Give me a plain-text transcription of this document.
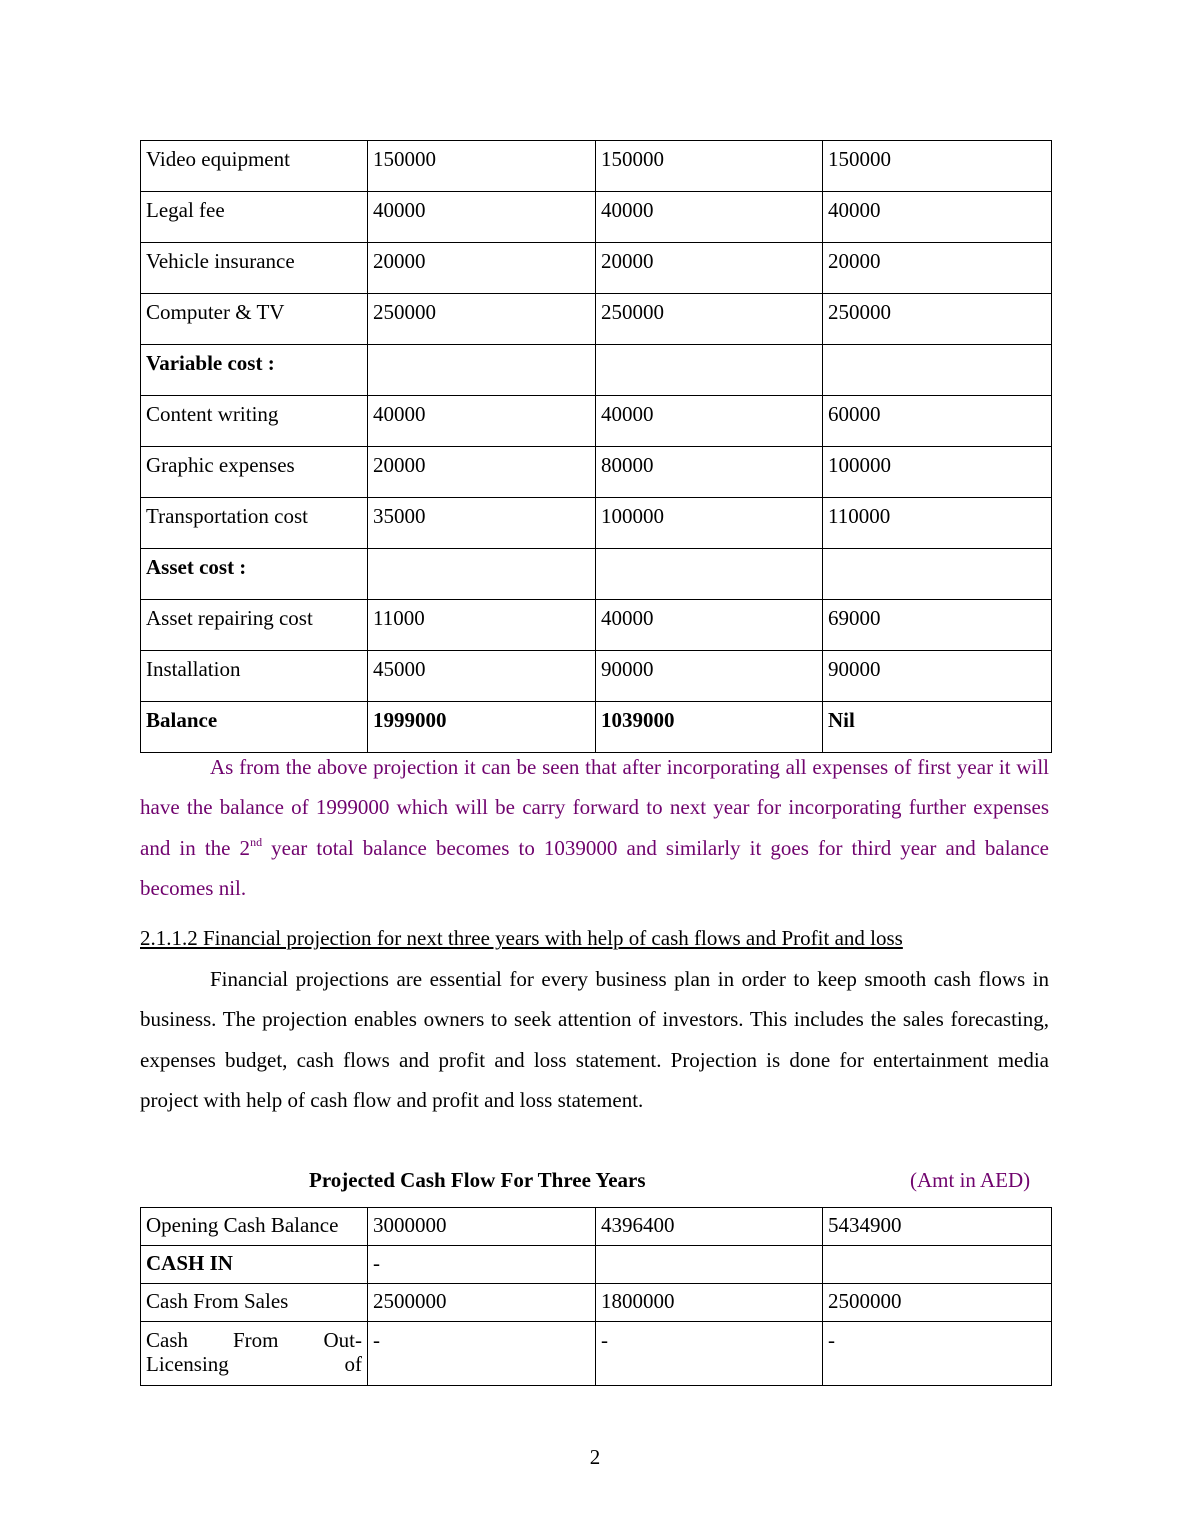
Video equipment	150000	150000	150000
Legal fee	40000	40000	40000
Vehicle insurance	20000	20000	20000
Computer & TV	250000	250000	250000
Variable cost :			
Content writing	40000	40000	60000
Graphic expenses	20000	80000	100000
Transportation cost	35000	100000	110000
Asset cost :			
Asset repairing cost	11000	40000	69000
Installation	45000	90000	90000
Balance	1999000	1039000	Nil

As from the above projection it can be seen that after incorporating all expenses of first year it will have the balance of 1999000 which will be carry forward to next year for incorporating further expenses and in the 2nd year total balance becomes to 1039000 and similarly it goes for third year and balance becomes nil.

2.1.1.2 Financial projection for next three years with help of cash flows and Profit and loss

Financial projections are essential for every business plan in order to keep smooth cash flows in business. The projection enables owners to seek attention of investors. This includes the sales forecasting, expenses budget, cash flows and profit and loss statement. Projection is done for entertainment media project with help of cash flow and profit and loss statement.

Projected Cash Flow For Three Years	(Amt in AED)
Opening Cash Balance	3000000	4396400	5434900
CASH IN	-		
Cash From Sales	2500000	1800000	2500000

Cash From Out-
Licensing of	-	-	-
2
